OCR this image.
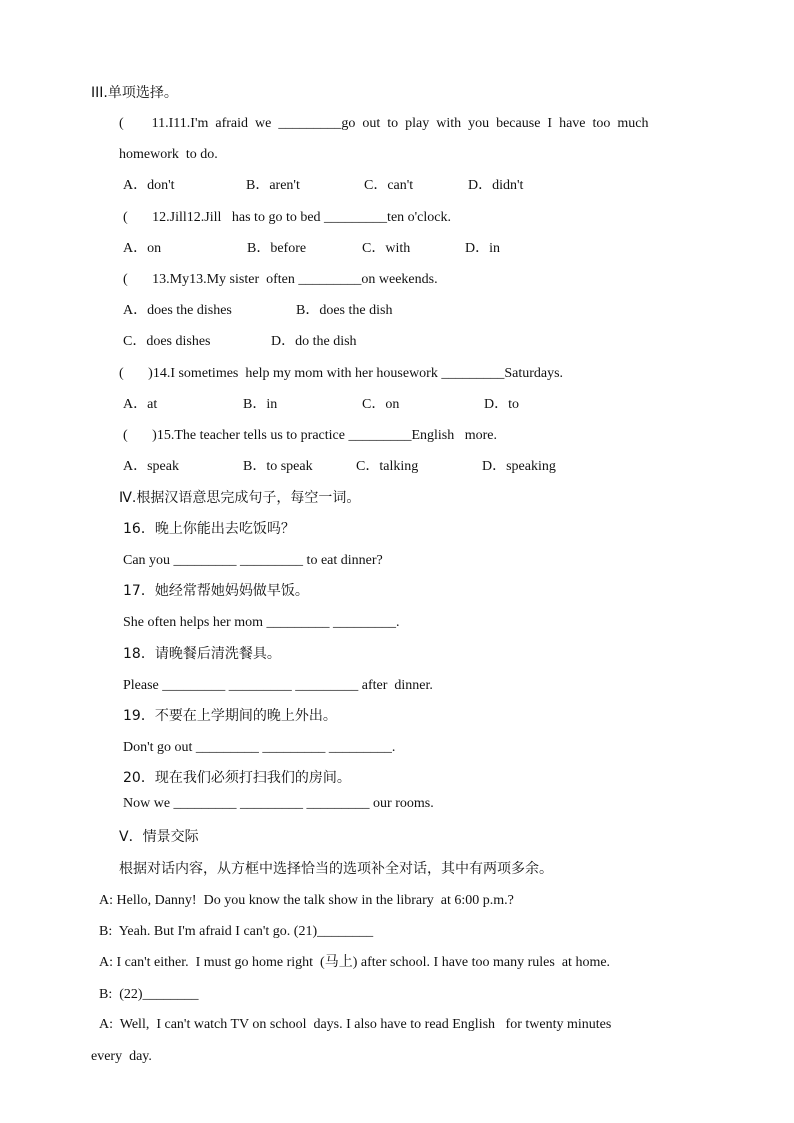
III.单项选择。
(        11.I11.I'm  afraid  we  _________go  out  to  play  with  you  because  I  have  too  much
homework  to do.
A．don't	B．aren't	C．can't	D．didn't
(       12.Jill12.Jill   has to go to bed _________ten o'clock.
A．on	B．before	C．with	D．in
(       13.My13.My sister  often _________on weekends.
A．does the dishes	B．does the dish
C．does dishes	D．do the dish
(       )14.I sometimes  help my mom with her housework _________Saturdays.
A．at	B．in	C．on	D．to
(       )15.The teacher tells us to practice _________English   more.
A．speak	B．to speak	C．talking	D．speaking
Ⅳ.根据汉语意思完成句子，每空一词。
16．晚上你能出去吃饭吗？
Can you _________ _________ to eat dinner?
17．她经常帮她妈妈做早饭。
She often helps her mom _________ _________.
18．请晚餐后清洗餐具。
Please _________ _________ _________ after  dinner.
19．不要在上学期间的晚上外出。
Don't go out _________ _________ _________.
20．现在我们必须打扫我们的房间。
Now we _________ _________ _________ our rooms.
V．情景交际
根据对话内容，从方框中选择恰当的选项补全对话，其中有两项多余。
A: Hello, Danny!  Do you know the talk show in the library  at 6:00 p.m.?
B:  Yeah. But I'm afraid I can't go. (21)________
A: I can't either.  I must go home right  (马上) after school. I have too many rules  at home.
B:  (22)________
A:  Well,  I can't watch TV on school  days. I also have to read English   for twenty minutes
every  day.
